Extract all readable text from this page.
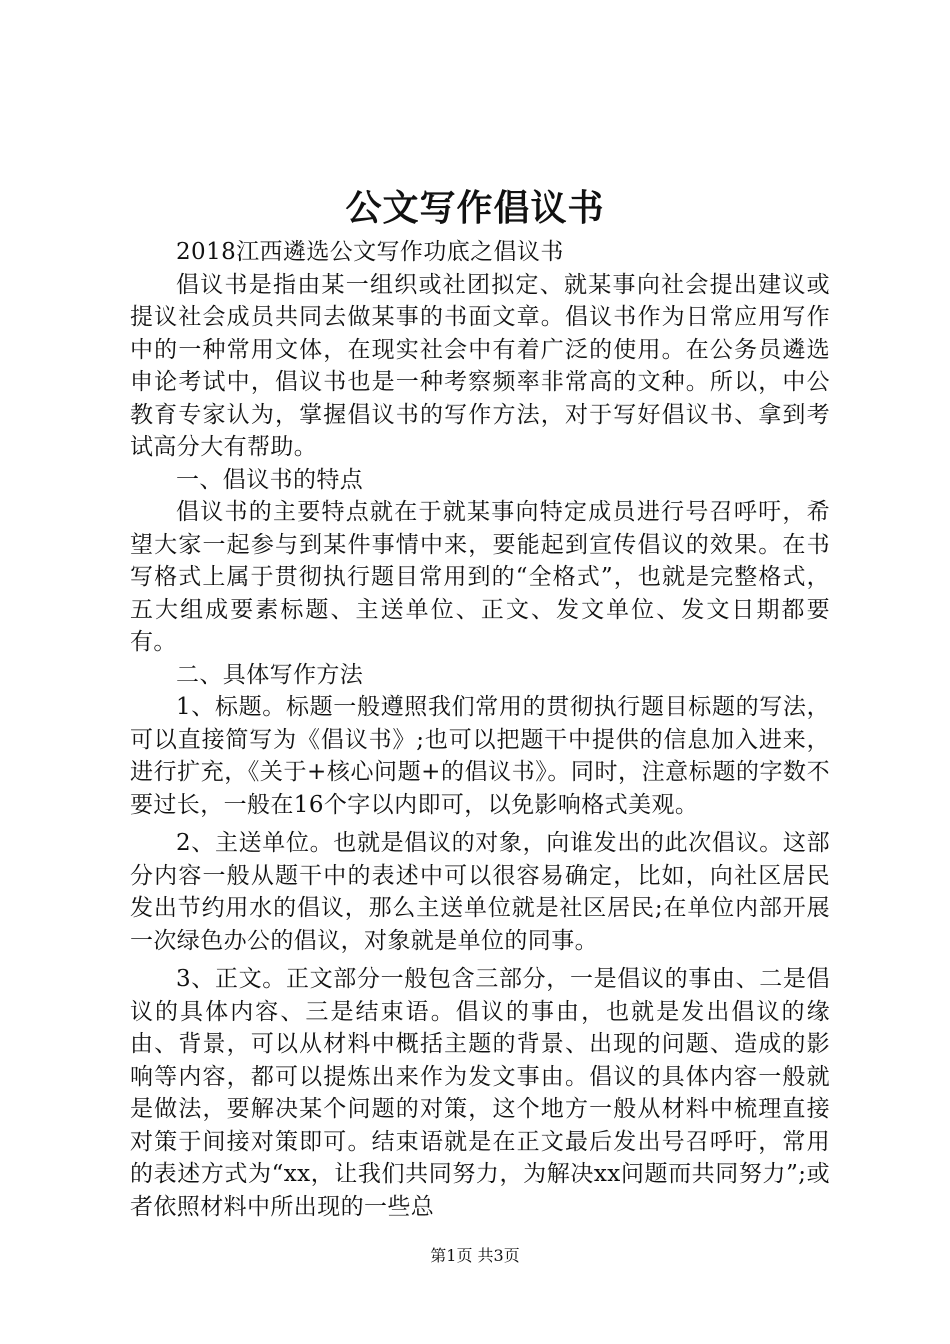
公文写作倡议书

2018江西遴选公文写作功底之倡议书

倡议书是指由某一组织或社团拟定、就某事向社会提出建议或提议社会成员共同去做某事的书面文章。倡议书作为日常应用写作中的一种常用文体，在现实社会中有着广泛的使用。在公务员遴选申论考试中，倡议书也是一种考察频率非常高的文种。所以，中公教育专家认为，掌握倡议书的写作方法，对于写好倡议书、拿到考试高分大有帮助。

一、倡议书的特点

倡议书的主要特点就在于就某事向特定成员进行号召呼吁，希望大家一起参与到某件事情中来，要能起到宣传倡议的效果。在书写格式上属于贯彻执行题目常用到的“全格式”，也就是完整格式，五大组成要素标题、主送单位、正文、发文单位、发文日期都要有。

二、具体写作方法

1、标题。标题一般遵照我们常用的贯彻执行题目标题的写法，可以直接简写为《倡议书》;也可以把题干中提供的信息加入进来，进行扩充，《关于+核心问题+的倡议书》。同时，注意标题的字数不要过长，一般在16个字以内即可，以免影响格式美观。

2、主送单位。也就是倡议的对象，向谁发出的此次倡议。这部分内容一般从题干中的表述中可以很容易确定，比如，向社区居民发出节约用水的倡议，那么主送单位就是社区居民;在单位内部开展一次绿色办公的倡议，对象就是单位的同事。

3、正文。正文部分一般包含三部分，一是倡议的事由、二是倡议的具体内容、三是结束语。倡议的事由，也就是发出倡议的缘由、背景，可以从材料中概括主题的背景、出现的问题、造成的影响等内容，都可以提炼出来作为发文事由。倡议的具体内容一般就是做法，要解决某个问题的对策，这个地方一般从材料中梳理直接对策于间接对策即可。结束语就是在正文最后发出号召呼吁，常用的表述方式为“xx，让我们共同努力，为解决xx问题而共同努力”;或者依照材料中所出现的一些总

第1页 共3页
